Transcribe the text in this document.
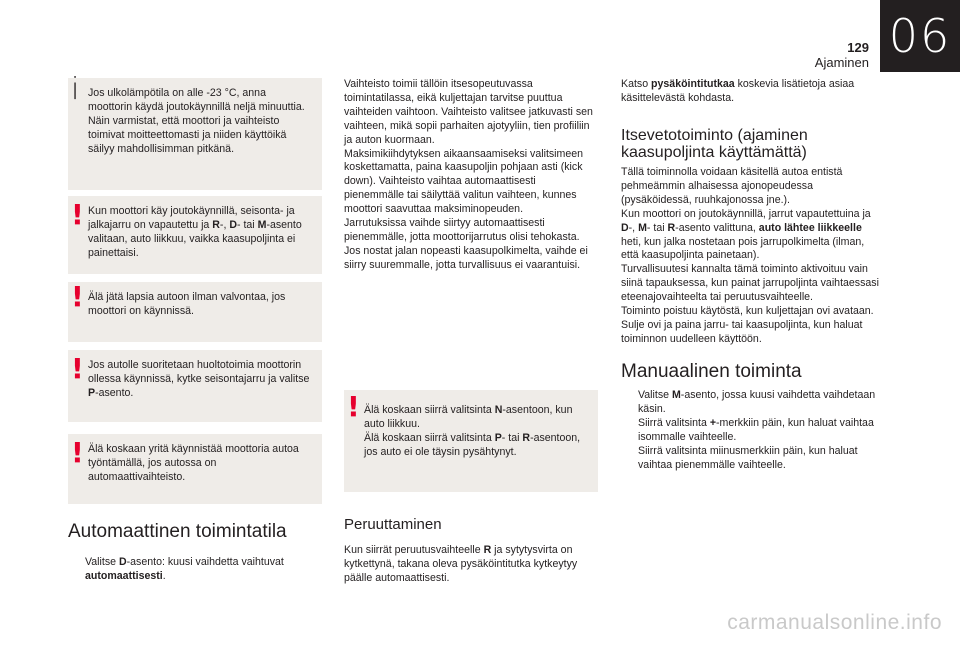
06
129
Ajaminen
i Jos ulkolämpötila on alle -23 °C, anna moottorin käydä joutokäynnillä neljä minuuttia. Näin varmistat, että moottori ja vaihteisto toimivat moitteettomasti ja niiden käyttöikä säilyy mahdollisimman pitkänä.
! Kun moottori käy joutokäynnillä, seisonta- ja jalkajarru on vapautettu ja R-, D- tai M-asento valitaan, auto liikkuu, vaikka kaasupoljinta ei painettaisi.
! Älä jätä lapsia autoon ilman valvontaa, jos moottori on käynnissä.
! Jos autolle suoritetaan huoltotoimia moottorin ollessa käynnissä, kytke seisontajarru ja valitse P-asento.
! Älä koskaan yritä käynnistää moottoria autoa työntämällä, jos autossa on automaattivaihteisto.
Automaattinen toimintatila
Valitse D-asento: kuusi vaihdetta vaihtuvat automaattisesti.
Vaihteisto toimii tällöin itsesopeutuvassa toimintatilassa, eikä kuljettajan tarvitse puuttua vaihteiden vaihtoon. Vaihteisto valitsee jatkuvasti sen vaihteen, mikä sopii parhaiten ajotyyliin, tien profiiliin ja auton kuormaan.
Maksimikiihdytyksen aikaansaamiseksi valitsimeen koskettamatta, paina kaasupoljin pohjaan asti (kick down). Vaihteisto vaihtaa automaattisesti pienemmälle tai säilyttää valitun vaihteen, kunnes moottori saavuttaa maksiminopeuden.
Jarrutuksissa vaihde siirtyy automaattisesti pienemmälle, jotta moottorijarrutus olisi tehokasta.
Jos nostat jalan nopeasti kaasupolkimelta, vaihde ei siirry suuremmalle, jotta turvallisuus ei vaarantuisi.
! Älä koskaan siirrä valitsinta N-asentoon, kun auto liikkuu.
Älä koskaan siirrä valitsinta P- tai R-asentoon, jos auto ei ole täysin pysähtynyt.
Peruuttaminen
Kun siirrät peruutusvaihteelle R ja sytytysvirta on kytkettynä, takana oleva pysäköintitutka kytkeytyy päälle automaattisesti.
Katso pysäköintitutkaa koskevia lisätietoja asiaa käsittelevästä kohdasta.
Itsevetotoiminto (ajaminen kaasupoljinta käyttämättä)
Tällä toiminnolla voidaan käsitellä autoa entistä pehmeämmin alhaisessa ajonopeudessa (pysäköidessä, ruuhkajonossa jne.).
Kun moottori on joutokäynnillä, jarrut vapautettuina ja D-, M- tai R-asento valittuna, auto lähtee liikkeelle heti, kun jalka nostetaan pois jarrupolkimelta (ilman, että kaasupoljinta painetaan).
Turvallisuutesi kannalta tämä toiminto aktivoituu vain siinä tapauksessa, kun painat jarrupoljinta vaihtaessasi eteenajovaihteelta tai peruutusvaihteelle.
Toiminto poistuu käytöstä, kun kuljettajan ovi avataan. Sulje ovi ja paina jarru- tai kaasupoljinta, kun haluat toiminnon uudelleen käyttöön.
Manuaalinen toiminta
Valitse M-asento, jossa kuusi vaihdetta vaihdetaan käsin.
Siirrä valitsinta +-merkkiin päin, kun haluat vaihtaa isommalle vaihteelle.
Siirrä valitsinta miinusmerkkiin päin, kun haluat vaihtaa pienemmälle vaihteelle.
carmanualsonline.info
